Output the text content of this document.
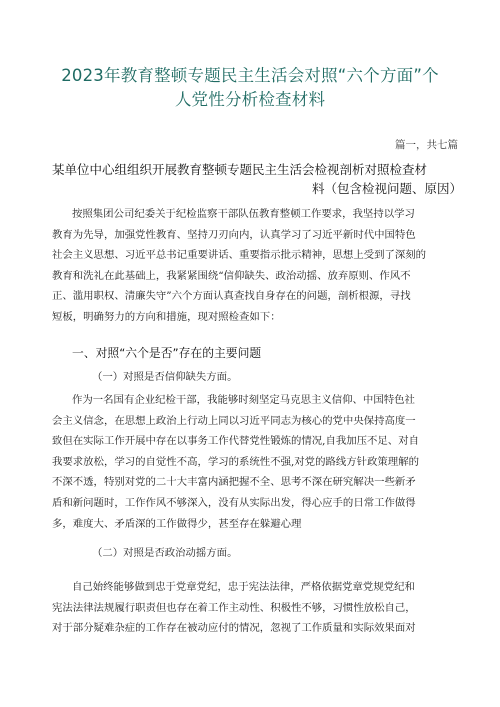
2023年教育整顿专题民主生活会对照“六个方面”个
人党性分析检查材料
篇一，共七篇
某单位中心组组织开展教育整顿专题民主生活会检视剖析对照检查材
料（包含检视问题、原因）
按照集团公司纪委关于纪检监察干部队伍教育整顿工作要求，我坚持以学习
教育为先导，加强党性教育、坚持刀刃向内，认真学习了习近平新时代中国特色
社会主义思想、习近平总书记重要讲话、重要指示批示精神，思想上受到了深刻的
教育和洗礼在此基础上，我紧紧围绕“信仰缺失、政治动摇、放弃原则、作风不
正、滥用职权、清廉失守”六个方面认真查找自身存在的问题，剖析根源，寻找
短板，明确努力的方向和措施，现对照检查如下：
一、对照“六个是否”存在的主要问题
（一）对照是否信仰缺失方面。
作为一名国有企业纪检干部，我能够时刻坚定马克思主义信仰、中国特色社
会主义信念，在思想上政治上行动上同以习近平同志为核心的党中央保持高度一
致但在实际工作开展中存在以事务工作代替党性锻炼的情况,自我加压不足、对自
我要求放松，学习的自觉性不高，学习的系统性不强,对党的路线方针政策理解的
不深不透，特别对党的二十大丰富内涵把握不全、思考不深在研究解决一些新矛
盾和新问题时，工作作风不够深入，没有从实际出发，得心应手的日常工作做得
多，难度大、矛盾深的工作做得少，甚至存在躲避心理
（二）对照是否政治动摇方面。
自己始终能够做到忠于党章党纪，忠于宪法法律，严格依据党章党规党纪和
宪法法律法规履行职责但也存在着工作主动性、积极性不够，习惯性放松自己，
对于部分疑难杂症的工作存在被动应付的情况，忽视了工作质量和实际效果面对
